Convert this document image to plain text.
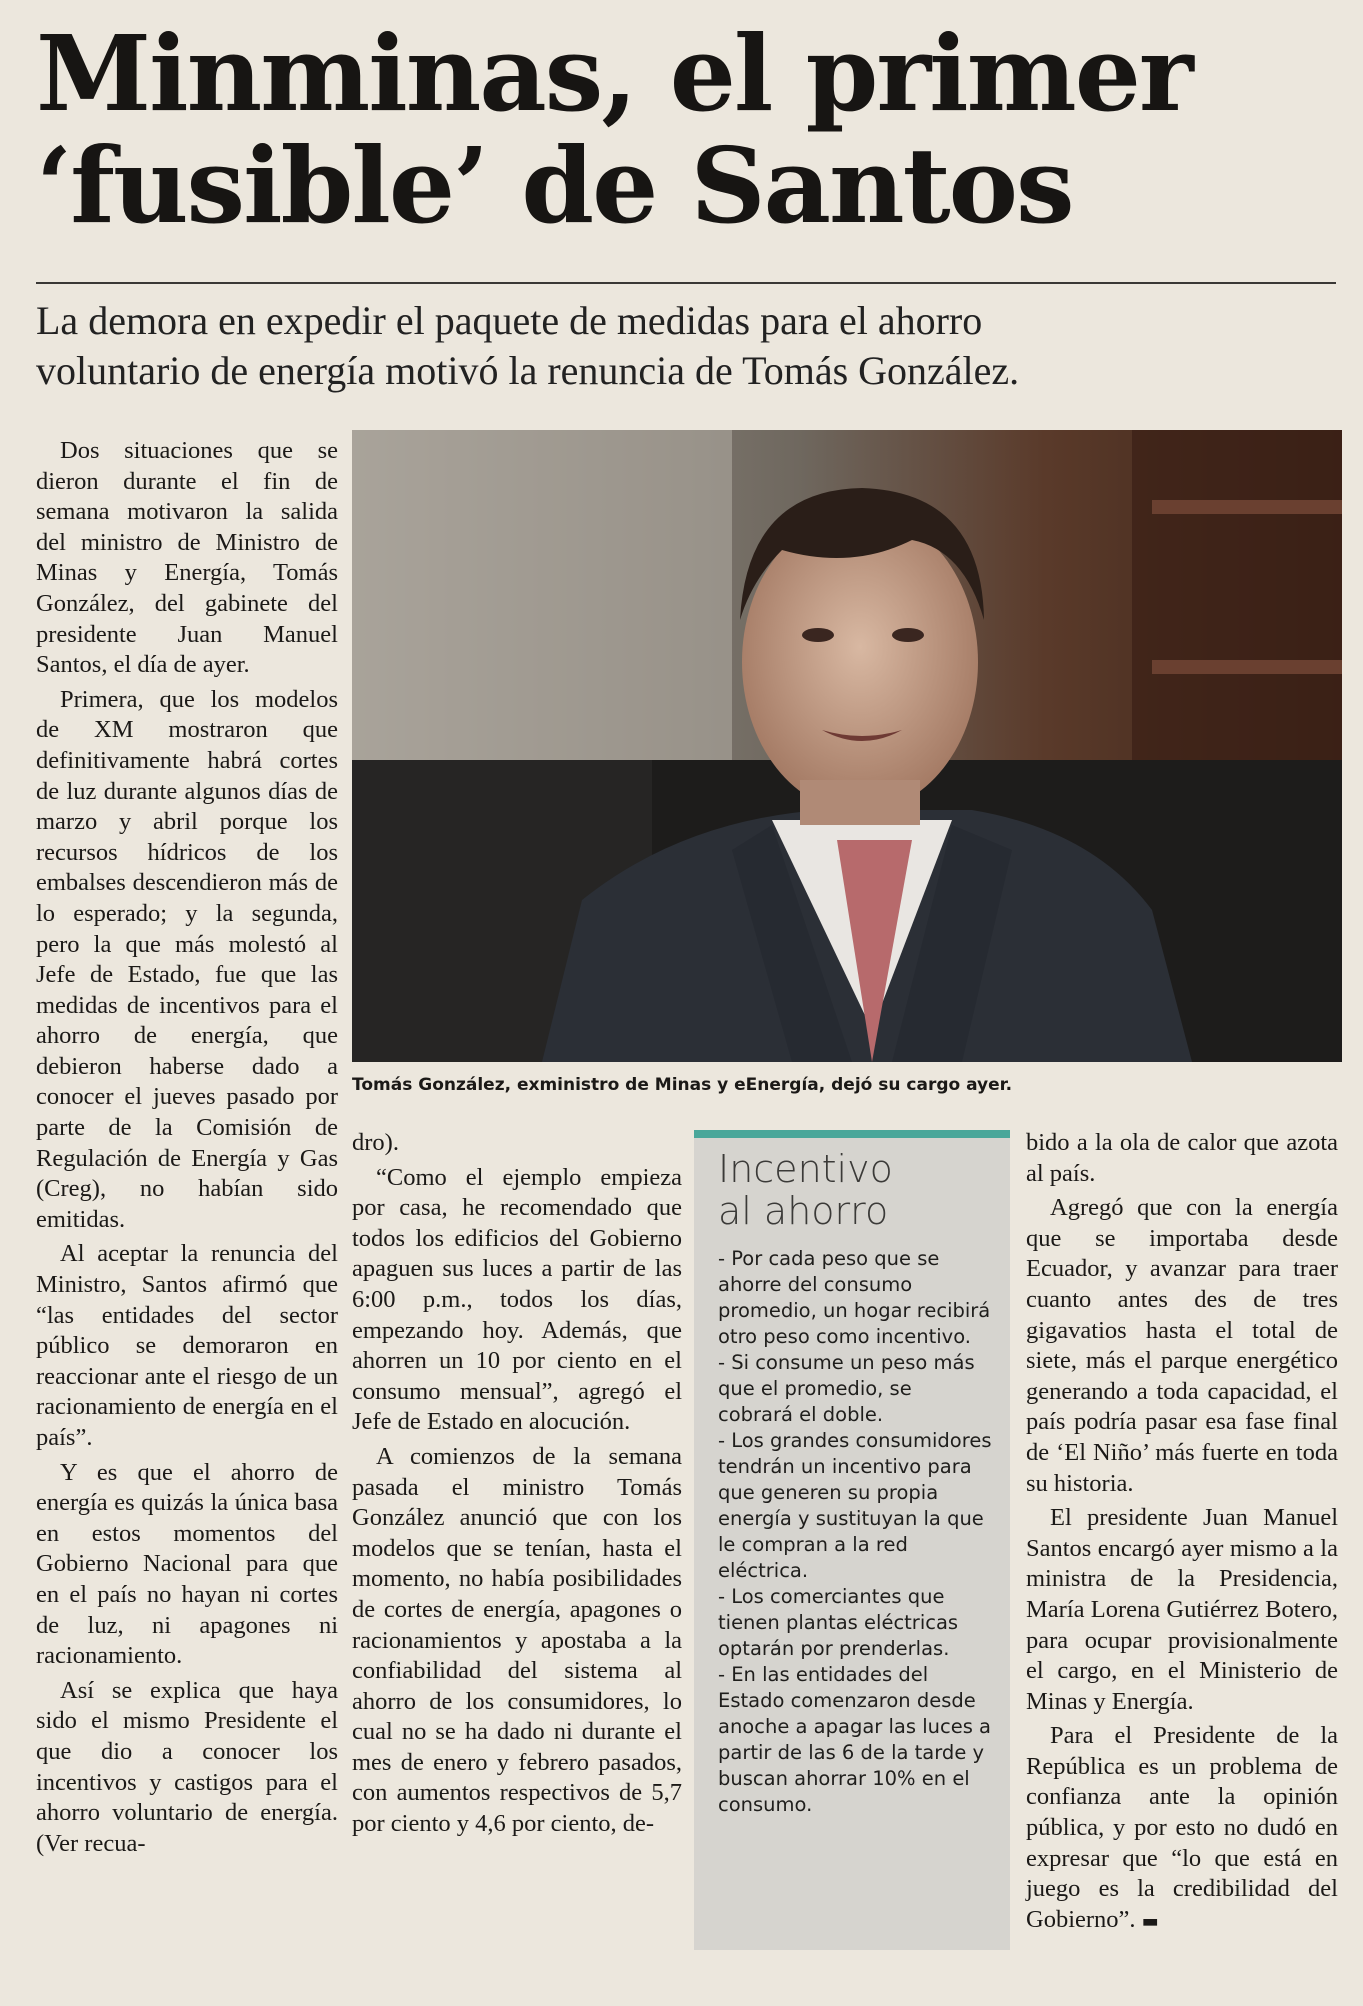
Minminas, el primer
‘fusible’ de Santos
La demora en expedir el paquete de medidas para el ahorro
voluntario de energía motivó la renuncia de Tomás González.

Dos situaciones que se dieron durante el fin de semana motivaron la salida del ministro de Ministro de Minas y Energía, Tomás González, del gabinete del presidente Juan Manuel Santos, el día de ayer.

Primera, que los modelos de XM mostraron que definitivamente habrá cortes de luz durante algunos días de marzo y abril porque los recursos hídricos de los embalses descendieron más de lo esperado; y la segunda, pero la que más molestó al Jefe de Estado, fue que las medidas de incentivos para el ahorro de energía, que debieron haberse dado a conocer el jueves pasado por parte de la Comisión de Regulación de Energía y Gas (Creg), no habían sido emitidas.

Al aceptar la renuncia del Ministro, Santos afirmó que “las entidades del sector público se demoraron en reaccionar ante el riesgo de un racionamiento de energía en el país”.

Y es que el ahorro de energía es quizás la única basa en estos momentos del Gobierno Nacional para que en el país no hayan ni cortes de luz, ni apagones ni racionamiento.

Así se explica que haya sido el mismo Presidente el que dio a conocer los incentivos y castigos para el ahorro voluntario de energía. (Ver recua-

Tomás González, exministro de Minas y eEnergía, dejó su cargo ayer.

dro).

“Como el ejemplo empieza por casa, he recomendado que todos los edificios del Gobierno apaguen sus luces a partir de las 6:00 p.m., todos los días, empezando hoy. Además, que ahorren un 10 por ciento en el consumo mensual”, agregó el Jefe de Estado en alocución.

A comienzos de la semana pasada el ministro Tomás González anunció que con los modelos que se tenían, hasta el momento, no había posibilidades de cortes de energía, apagones o racionamientos y apostaba a la confiabilidad del sistema al ahorro de los consumidores, lo cual no se ha dado ni durante el mes de enero y febrero pasados, con aumentos respectivos de 5,7 por ciento y 4,6 por ciento, de-

Incentivo
al ahorro

- Por cada peso que se ahorre del consumo promedio, un hogar recibirá otro peso como incentivo.

- Si consume un peso más que el promedio, se cobrará el doble.

- Los grandes consumidores tendrán un incentivo para que generen su propia energía y sustituyan la que le compran a la red eléctrica.

- Los comerciantes que tienen plantas eléctricas optarán por prenderlas.

- En las entidades del Estado comenzaron desde anoche a apagar las luces a partir de las 6 de la tarde y buscan ahorrar 10% en el consumo.

bido a la ola de calor que azota al país.

Agregó que con la energía que se importaba desde Ecuador, y avanzar para traer cuanto antes des de tres gigavatios hasta el total de siete, más el parque energético generando a toda capacidad, el país podría pasar esa fase final de ‘El Niño’ más fuerte en toda su historia.

El presidente Juan Manuel Santos encargó ayer mismo a la ministra de la Presidencia, María Lorena Gutiérrez Botero, para ocupar provisionalmente el cargo, en el Ministerio de Minas y Energía.

Para el Presidente de la República es un problema de confianza ante la opinión pública, y por esto no dudó en expresar que “lo que está en juego es la credibilidad del Gobierno”. ▬
